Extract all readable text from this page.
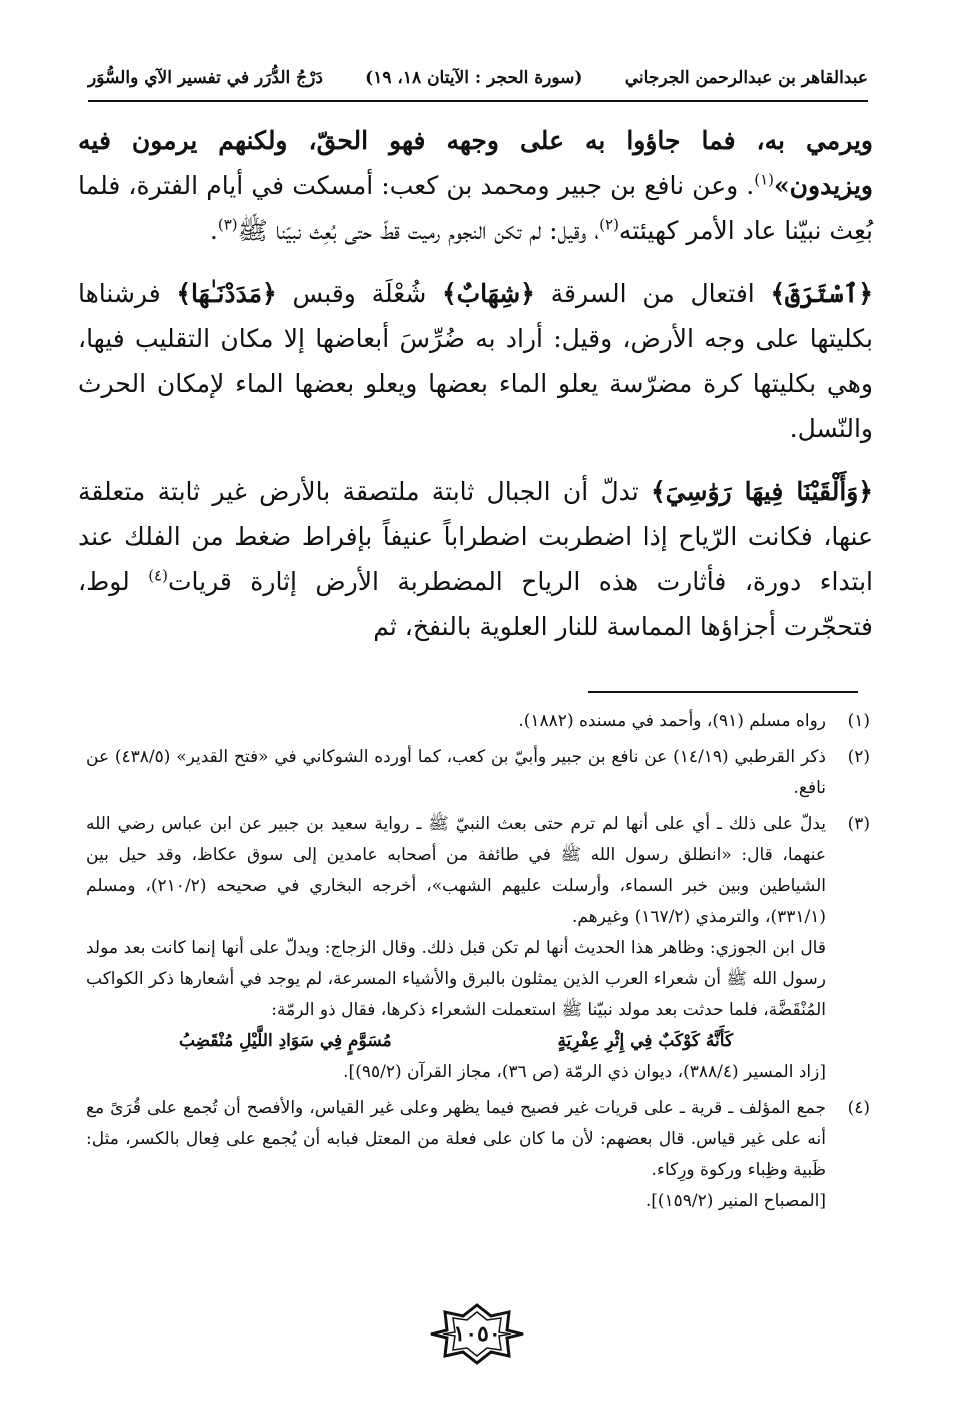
عبدالقاهر بن عبدالرحمن الجرجاني
(سورة الحجر : الآيتان ١٨، ١٩)
دَرْجُ الدُّرَر في تفسير الآي والسُّوَر

ويرمي به، فما جاؤوا به على وجهه فهو الحقّ، ولكنهم يرمون فيه ويزيدون»$^{(١)}$. وعن نافع بن جبير ومحمد بن كعب: أمسكت في أيام الفترة، فلما بُعِث نبيّنا عاد الأمر كهيئته$^{(٢)}$، وقيل: لم تكن النجوم رميت قطّ حتى بُعِث نبيّنا ﷺ$^{(٣)}$.

﴿ٱسْتَرَقَ﴾ افتعال من السرقة ﴿شِهَابٌ﴾ شُعْلَة وقبس ﴿مَدَدْنَـٰهَا﴾ فرشناها بكليتها على وجه الأرض، وقيل: أراد به ضُرِّسَ أبعاضها إلا مكان التقليب فيها، وهي بكليتها كرة مضرّسة يعلو الماء بعضها ويعلو بعضها الماء لإمكان الحرث والنّسل.

﴿وَأَلْقَيْنَا فِيهَا رَوَٰسِيَ﴾ تدلّ أن الجبال ثابتة ملتصقة بالأرض غير ثابتة متعلقة عنها، فكانت الرّياح إذا اضطربت اضطراباً عنيفاً بإفراط ضغط من الفلك عند ابتداء دورة، فأثارت هذه الرياح المضطربة الأرض إثارة قريات$^{(٤)}$ لوط، فتحجّرت أجزاؤها المماسة للنار العلوية بالنفخ، ثم

(١)

رواه مسلم (٩١)، وأحمد في مسنده (١٨٨٢).

(٢)

ذكر القرطبي (١٤/١٩) عن نافع بن جبير وأبيّ بن كعب، كما أورده الشوكاني في «فتح القدير» (٤٣٨/٥) عن نافع.

(٣)

يدلّ على ذلك ـ أي على أنها لم ترم حتى بعث النبيّ ﷺ ـ رواية سعيد بن جبير عن ابن عباس رضي الله عنهما، قال: «انطلق رسول الله ﷺ في طائفة من أصحابه عامدين إلى سوق عكاظ، وقد حيل بين الشياطين وبين خبر السماء، وأرسلت عليهم الشهب»، أخرجه البخاري في صحيحه (٢١٠/٢)، ومسلم (٣٣١/١)، والترمذي (١٦٧/٢) وغيرهم.

قال ابن الجوزي: وظاهر هذا الحديث أنها لم تكن قبل ذلك. وقال الزجاج: ويدلّ على أنها إنما كانت بعد مولد رسول الله ﷺ أن شعراء العرب الذين يمثلون بالبرق والأشياء المسرعة، لم يوجد في أشعارها ذكر الكواكب المُنْقَضَّة، فلما حدثت بعد مولد نبيّنا ﷺ استعملت الشعراء ذكرها، فقال ذو الرمّة:

كَأَنَّهُ كَوْكَبٌ فِي إِثْرِ عِفْرِيَةٍ
مُسَوَّمٍ فِي سَوَادِ اللَّيْلِ مُنْقَضِبُ

[زاد المسير (٣٨٨/٤)، ديوان ذي الرمّة (ص ٣٦)، مجاز القرآن (٩٥/٢)].

(٤)

جمع المؤلف ـ قرية ـ على قريات غير فصيح فيما يظهر وعلى غير القياس، والأفصح أن تُجمع على قُرَىً مع أنه على غير قياس. قال بعضهم: لأن ما كان على فعلة من المعتل فبابه أن يُجمع على فِعال بالكسر، مثل: ظَبية وظِباء وركوة ورِكاء.

[المصباح المنير (١٥٩/٢)].

١٠٥٠
